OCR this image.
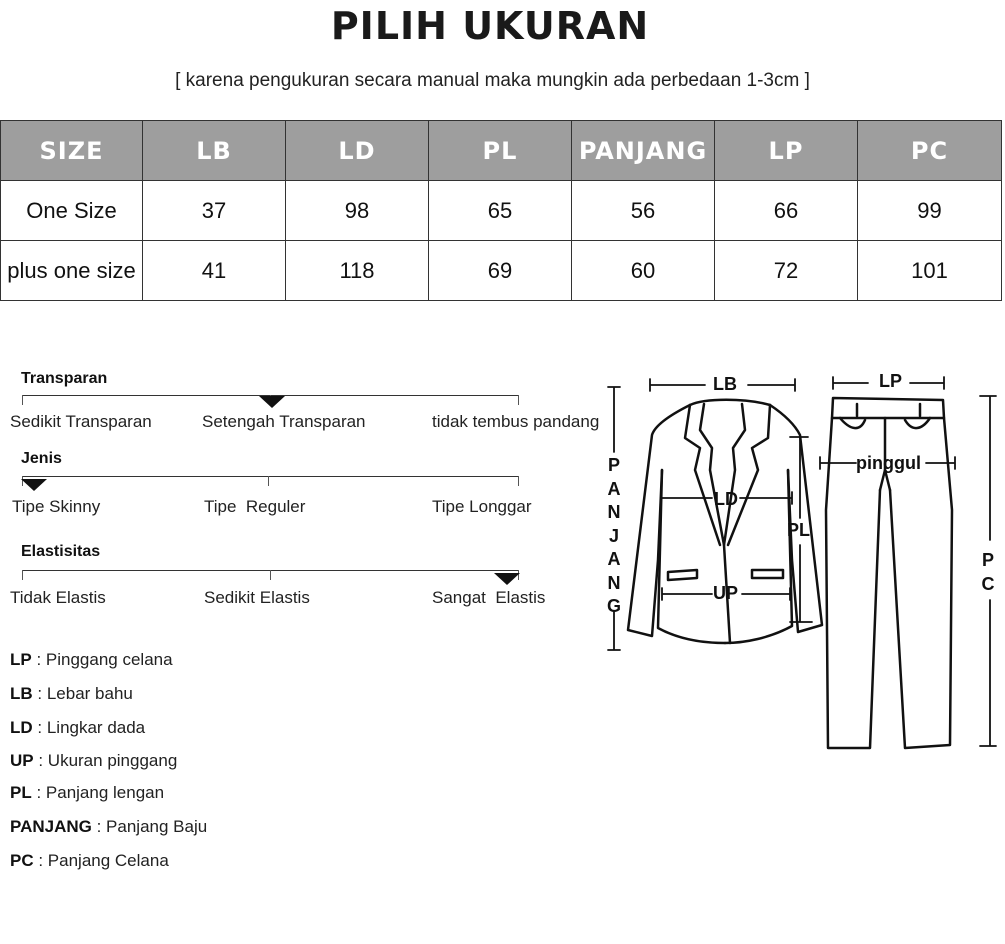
PILIH UKURAN
[ karena pengukuran secara manual maka mungkin ada perbedaan 1-3cm ]
SIZE	LB	LD	PL	PANJANG	LP	PC
One Size	37	98	65	56	66	99
plus one size	41	118	69	60	72	101
Transparan
Sedikit Transparan	Setengah Transparan	tidak tembus pandang
Jenis
Tipe Skinny	Tipe  Reguler	Tipe Longgar
Elastisitas
Tidak Elastis	Sedikit Elastis	Sangat  Elastis
LP : Pinggang celana
LB : Lebar bahu
LD : Lingkar dada
UP : Ukuran pinggang
PL : Panjang lengan
PANJANG : Panjang Baju
PC : Panjang Celana
LB	LP
pinggul
LD
PL
UP
P
A
N
J
A
N
G
P
C
